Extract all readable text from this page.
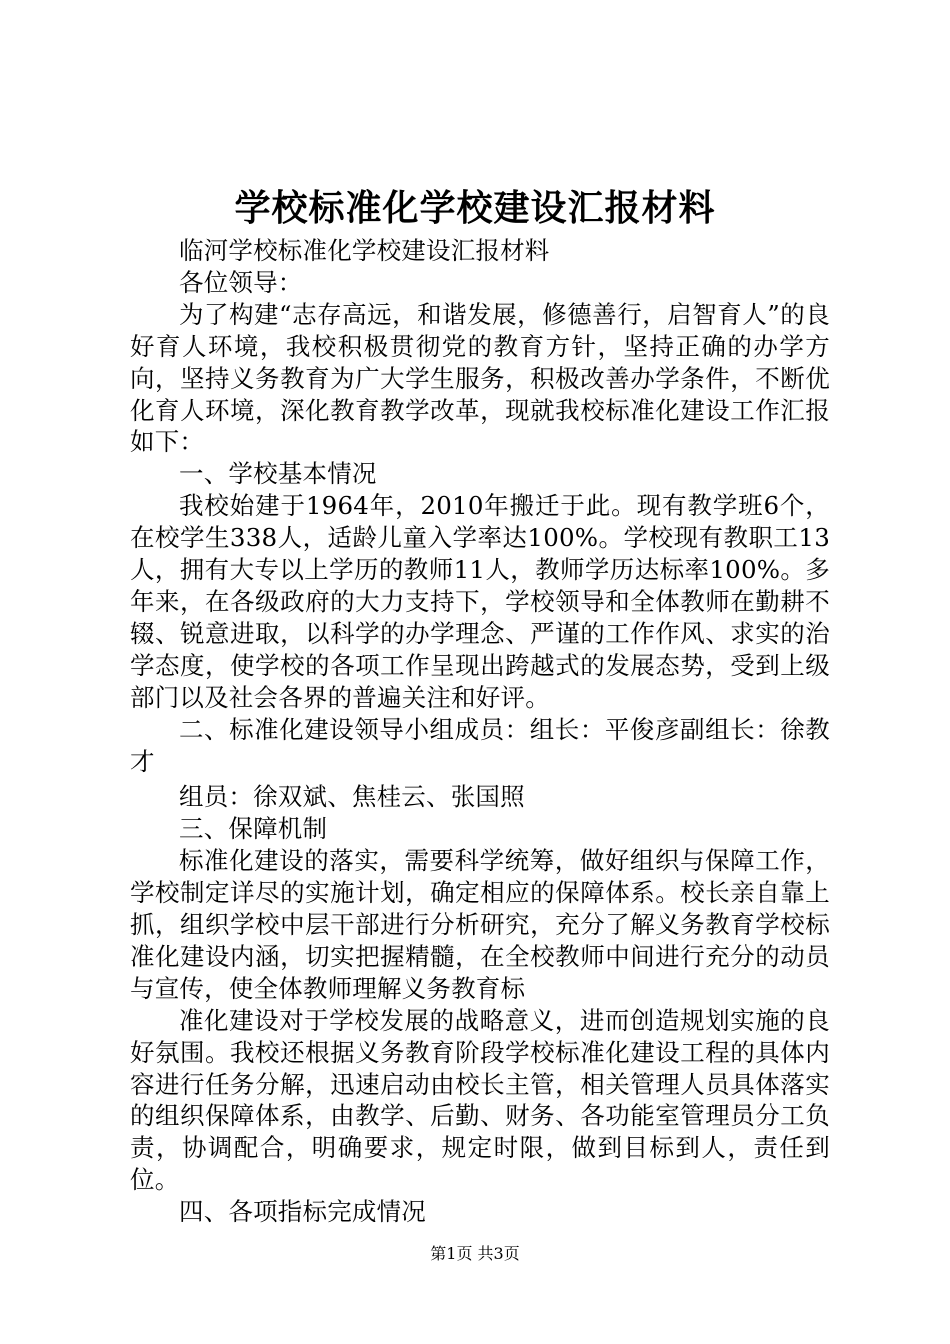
学校标准化学校建设汇报材料

临河学校标准化学校建设汇报材料

各位领导：

为了构建“志存高远，和谐发展，修德善行，启智育人”的良好育人环境，我校积极贯彻党的教育方针，坚持正确的办学方向，坚持义务教育为广大学生服务，积极改善办学条件，不断优化育人环境，深化教育教学改革，现就我校标准化建设工作汇报如下：

一、学校基本情况

我校始建于1964年，2010年搬迁于此。现有教学班6个，在校学生338人，适龄儿童入学率达100%。学校现有教职工13人，拥有大专以上学历的教师11人，教师学历达标率100%。多年来，在各级政府的大力支持下，学校领导和全体教师在勤耕不辍、锐意进取，以科学的办学理念、严谨的工作作风、求实的治学态度，使学校的各项工作呈现出跨越式的发展态势，受到上级部门以及社会各界的普遍关注和好评。

二、标准化建设领导小组成员：组长：平俊彦副组长：徐教才

组员：徐双斌、焦桂云、张国照

三、保障机制

标准化建设的落实，需要科学统筹，做好组织与保障工作，学校制定详尽的实施计划，确定相应的保障体系。校长亲自靠上抓，组织学校中层干部进行分析研究，充分了解义务教育学校标准化建设内涵，切实把握精髓，在全校教师中间进行充分的动员与宣传，使全体教师理解义务教育标

准化建设对于学校发展的战略意义，进而创造规划实施的良好氛围。我校还根据义务教育阶段学校标准化建设工程的具体内容进行任务分解，迅速启动由校长主管，相关管理人员具体落实的组织保障体系，由教学、后勤、财务、各功能室管理员分工负责，协调配合，明确要求，规定时限，做到目标到人，责任到位。

四、各项指标完成情况

第1页 共3页
